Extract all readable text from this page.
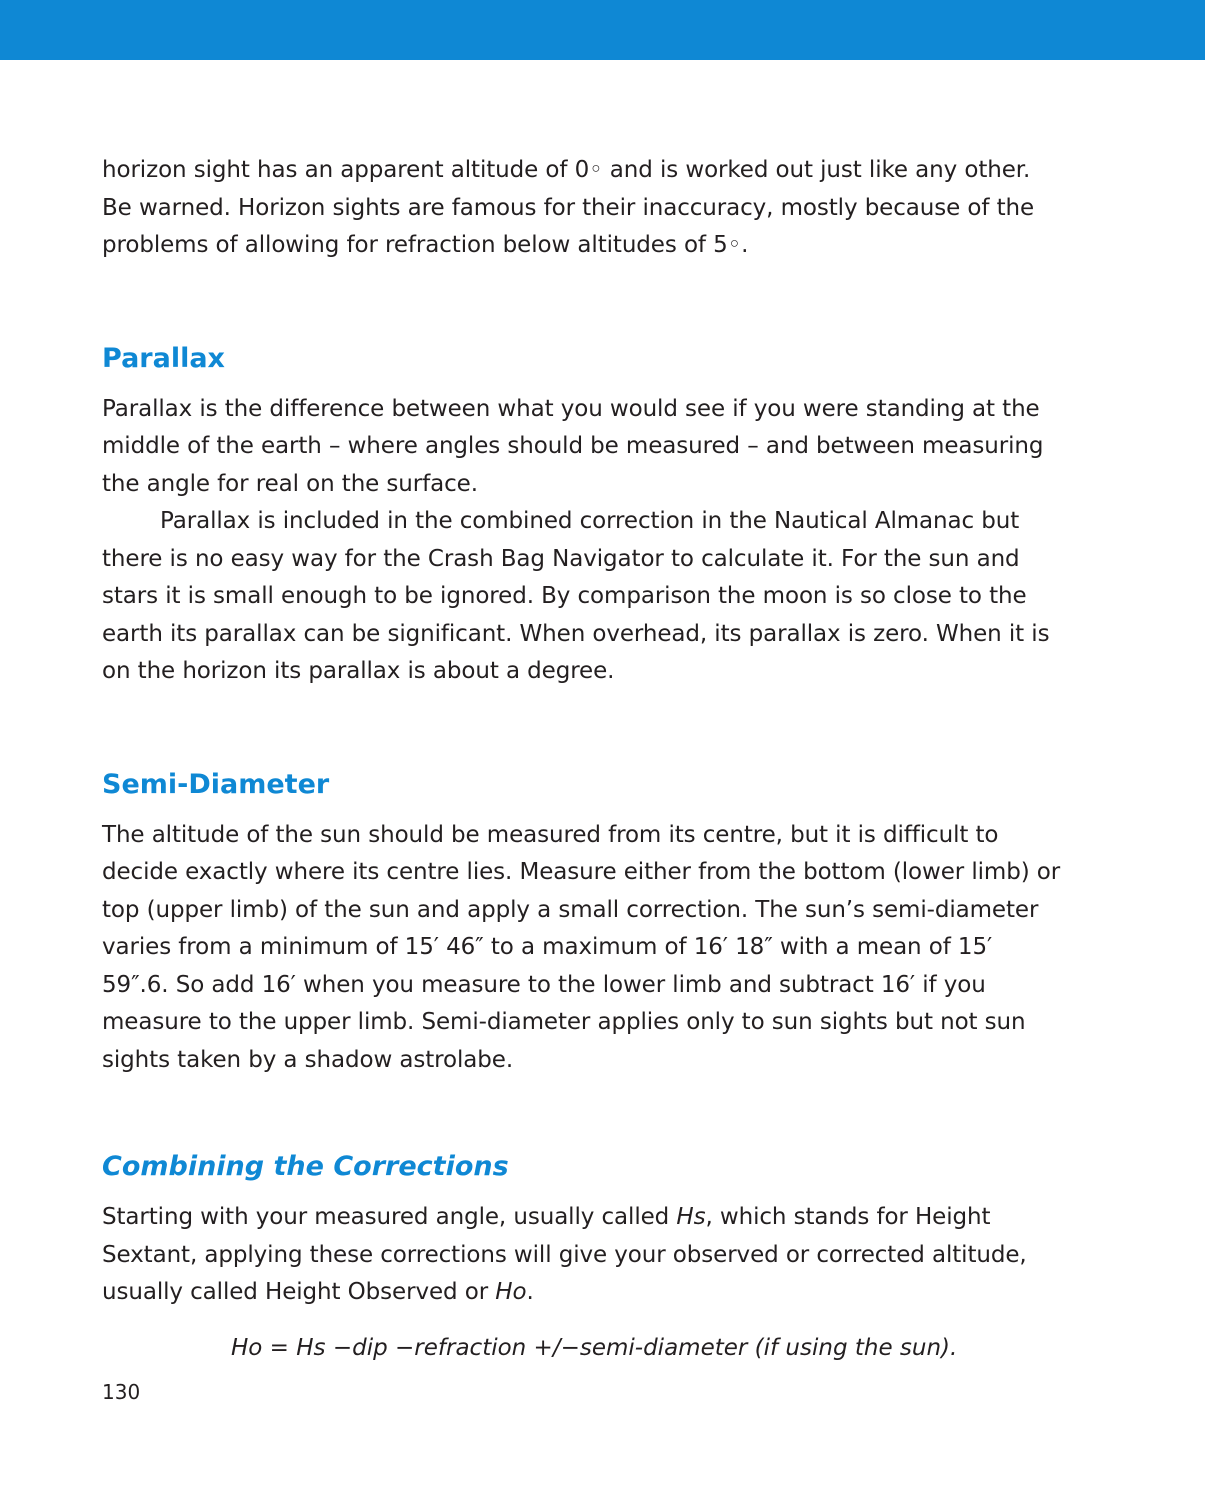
horizon sight has an apparent altitude of 0◦ and is worked out just like any other. Be warned. Horizon sights are famous for their inaccuracy, mostly because of the problems of allowing for refraction below altitudes of 5◦.

Parallax

Parallax is the difference between what you would see if you were standing at the middle of the earth – where angles should be measured – and between measuring the angle for real on the surface.

Parallax is included in the combined correction in the Nautical Almanac but there is no easy way for the Crash Bag Navigator to calculate it. For the sun and stars it is small enough to be ignored. By comparison the moon is so close to the earth its parallax can be significant. When overhead, its parallax is zero. When it is on the horizon its parallax is about a degree.

Semi-Diameter

The altitude of the sun should be measured from its centre, but it is difficult to decide exactly where its centre lies. Measure either from the bottom (lower limb) or top (upper limb) of the sun and apply a small correction. The sun’s semi-diameter varies from a minimum of 15′ 46″ to a maximum of 16′ 18″ with a mean of 15′ 59″.6. So add 16′ when you measure to the lower limb and subtract 16′ if you measure to the upper limb. Semi-diameter applies only to sun sights but not sun sights taken by a shadow astrolabe.

Combining the Corrections

Starting with your measured angle, usually called Hs, which stands for Height Sextant, applying these corrections will give your observed or corrected altitude, usually called Height Observed or Ho.

Ho = Hs −dip −refraction +/−semi-diameter (if using the sun).
130
